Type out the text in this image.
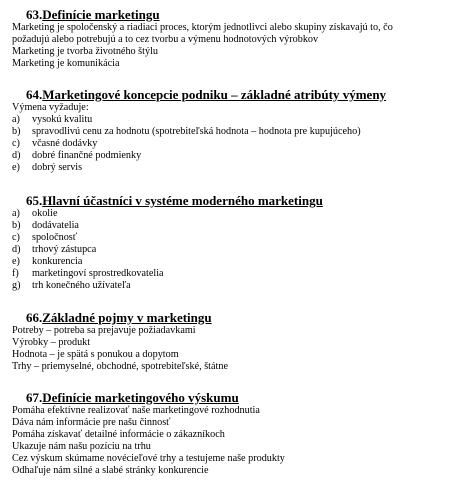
63.Definície marketingu
Marketing je spoločenský a riadiaci proces, ktorým jednotlivci alebo skupiny získavajú to, čo
požadujú alebo potrebujú a to cez tvorbu a výmenu hodnotových výrobkov
Marketing je tvorba životného štýlu
Marketing je komunikácia
64.Marketingové koncepcie podniku – základné atribúty výmeny
Výmena vyžaduje:
a)	vysokú kvalitu
b)	spravodlivú cenu za hodnotu (spotrebiteľská hodnota – hodnota pre kupujúceho)
c)	včasné dodávky
d)	dobré finančné podmienky
e)	dobrý servis
65.Hlavní účastníci v systéme moderného marketingu
a)	okolie
b)	dodávatelia
c)	spoločnosť
d)	trhový zástupca
e)	konkurencia
f)	marketingoví sprostredkovatelia
g)	trh konečného užívateľa
66.Základné pojmy v marketingu
Potreby – potreba sa prejavuje požiadavkami
Výrobky – produkt
Hodnota – je spätá s ponukou a dopytom
Trhy – priemyselné, obchodné, spotrebiteľské, štátne
67.Definície marketingového výskumu
Pomáha efektívne realizovať naše marketingové rozhodnutia
Dáva nám informácie pre našu činnosť
Pomáha získavať detailné informácie o zákazníkoch
Ukazuje nám našu pozíciu na trhu
Cez výskum skúmame novécieľové trhy a testujeme naše produkty
Odhaľuje nám silné a slabé stránky konkurencie
